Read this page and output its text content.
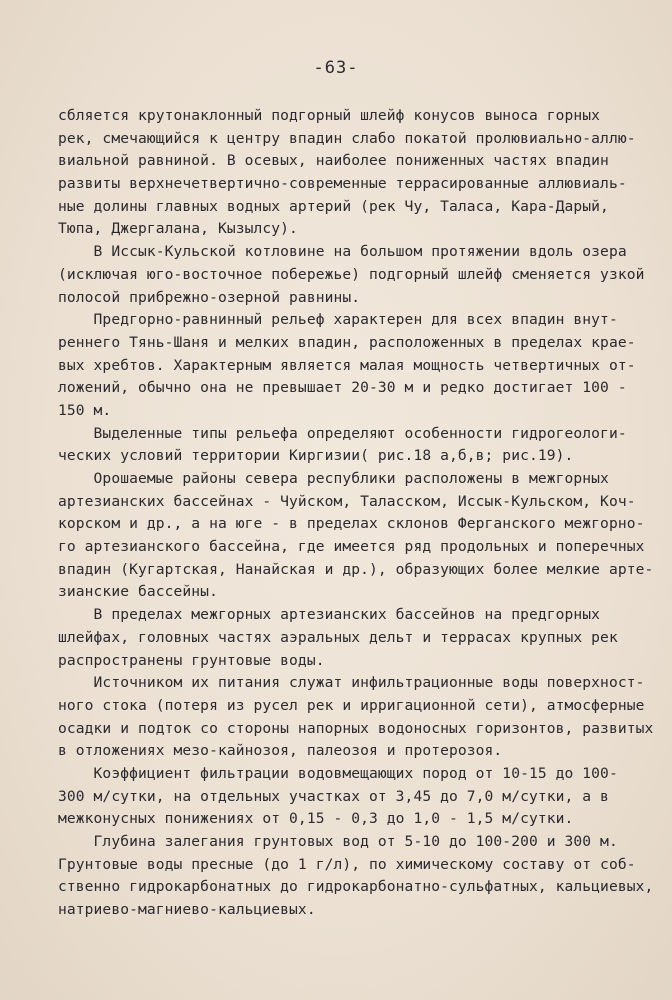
-63-
сбляется крутонаклонный подгорный шлейф конусов выноса горных
рек, смечающийся к центру впадин слабо покатой пролювиально-аллю-
виальной равниной. В осевых, наиболее пониженных частях впадин
развиты верхнечетвертично-современные террасированные аллювиаль-
ные долины главных водных артерий (рек Чу, Таласа, Кара-Дарый,
Тюпа, Джергалана, Кызылсу).
В Иссык-Кульской котловине на большом протяжении вдоль озера
(исключая юго-восточное побережье) подгорный шлейф сменяется узкой
полосой прибрежно-озерной равнины.
Предгорно-равнинный рельеф характерен для всех впадин внут-
реннего Тянь-Шаня и мелких впадин, расположенных в пределах крае-
вых хребтов. Характерным является малая мощность четвертичных от-
ложений, обычно она не превышает 20-30 м и редко достигает 100 -
150 м.
Выделенные типы рельефа определяют особенности гидрогеологи-
ческих условий территории Киргизии( рис.18 а,б,в; рис.19).
Орошаемые районы севера республики расположены в межгорных
артезианских бассейнах - Чуйском, Таласском, Иссык-Кульском, Коч-
корском и др., а на юге - в пределах склонов Ферганского межгорно-
го артезианского бассейна, где имеется ряд продольных и поперечных
впадин (Кугартская, Нанайская и др.), образующих более мелкие арте-
зианские бассейны.
В пределах межгорных артезианских бассейнов на предгорных
шлейфах, головных частях аэральных дельт и террасах крупных рек
распространены грунтовые воды.
Источником их питания служат инфильтрационные воды поверхност-
ного стока (потеря из русел рек и ирригационной сети), атмосферные
осадки и подток со стороны напорных водоносных горизонтов, развитых
в отложениях мезо-кайнозоя, палеозоя и протерозоя.
Коэффициент фильтрации водовмещающих пород от 10-15 до 100-
300 м/сутки, на отдельных участках от 3,45 до 7,0 м/сутки, а в
межконусных понижениях от 0,15 - 0,3 до 1,0 - 1,5 м/сутки.
Глубина залегания грунтовых вод от 5-10 до 100-200 и 300 м.
Грунтовые воды пресные (до 1 г/л), по химическому составу от соб-
ственно гидрокарбонатных до гидрокарбонатно-сульфатных, кальциевых,
натриево-магниево-кальциевых.
